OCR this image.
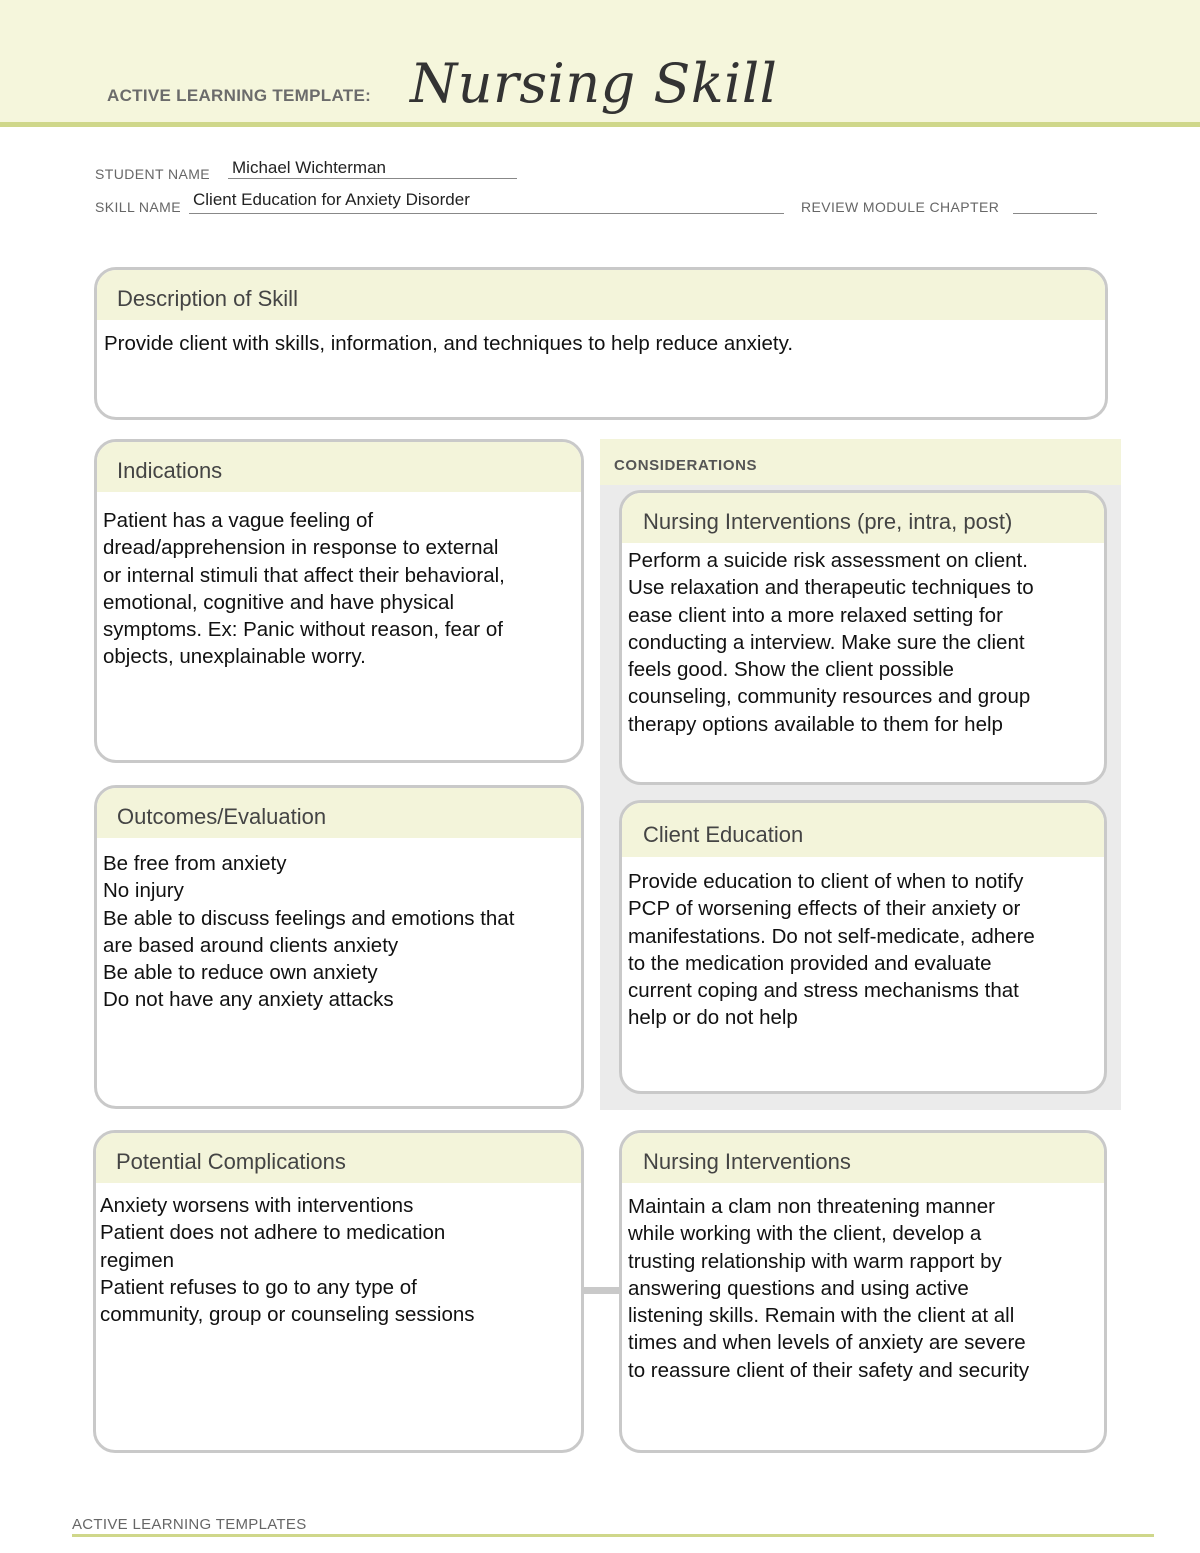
ACTIVE LEARNING TEMPLATE: Nursing Skill
STUDENT NAME Michael Wichterman
SKILL NAME Client Education for Anxiety Disorder	REVIEW MODULE CHAPTER
Description of Skill
Provide client with skills, information, and techniques to help reduce anxiety.
Indications
Patient has a vague feeling of
dread/apprehension in response to external
or internal stimuli that affect their behavioral,
emotional, cognitive and have physical
symptoms. Ex: Panic without reason, fear of
objects, unexplainable worry.
Outcomes/Evaluation
Be free from anxiety
No injury
Be able to discuss feelings and emotions that
are based around clients anxiety
Be able to reduce own anxiety
Do not have any anxiety attacks
CONSIDERATIONS
Nursing Interventions (pre, intra, post)
Perform a suicide risk assessment on client.
Use relaxation and therapeutic techniques to
ease client into a more relaxed setting for
conducting a interview. Make sure the client
feels good. Show the client possible
counseling, community resources and group
therapy options available to them for help
Client Education
Provide education to client of when to notify
PCP of worsening effects of their anxiety or
manifestations. Do not self-medicate, adhere
to the medication provided and evaluate
current coping and stress mechanisms that
help or do not help
Potential Complications
Anxiety worsens with interventions
Patient does not adhere to medication
regimen
Patient refuses to go to any type of
community, group or counseling sessions
Nursing Interventions
Maintain a clam non threatening manner
while working with the client, develop a
trusting relationship with warm rapport by
answering questions and using active
listening skills. Remain with the client at all
times and when levels of anxiety are severe
to reassure client of their safety and security
ACTIVE LEARNING TEMPLATES
